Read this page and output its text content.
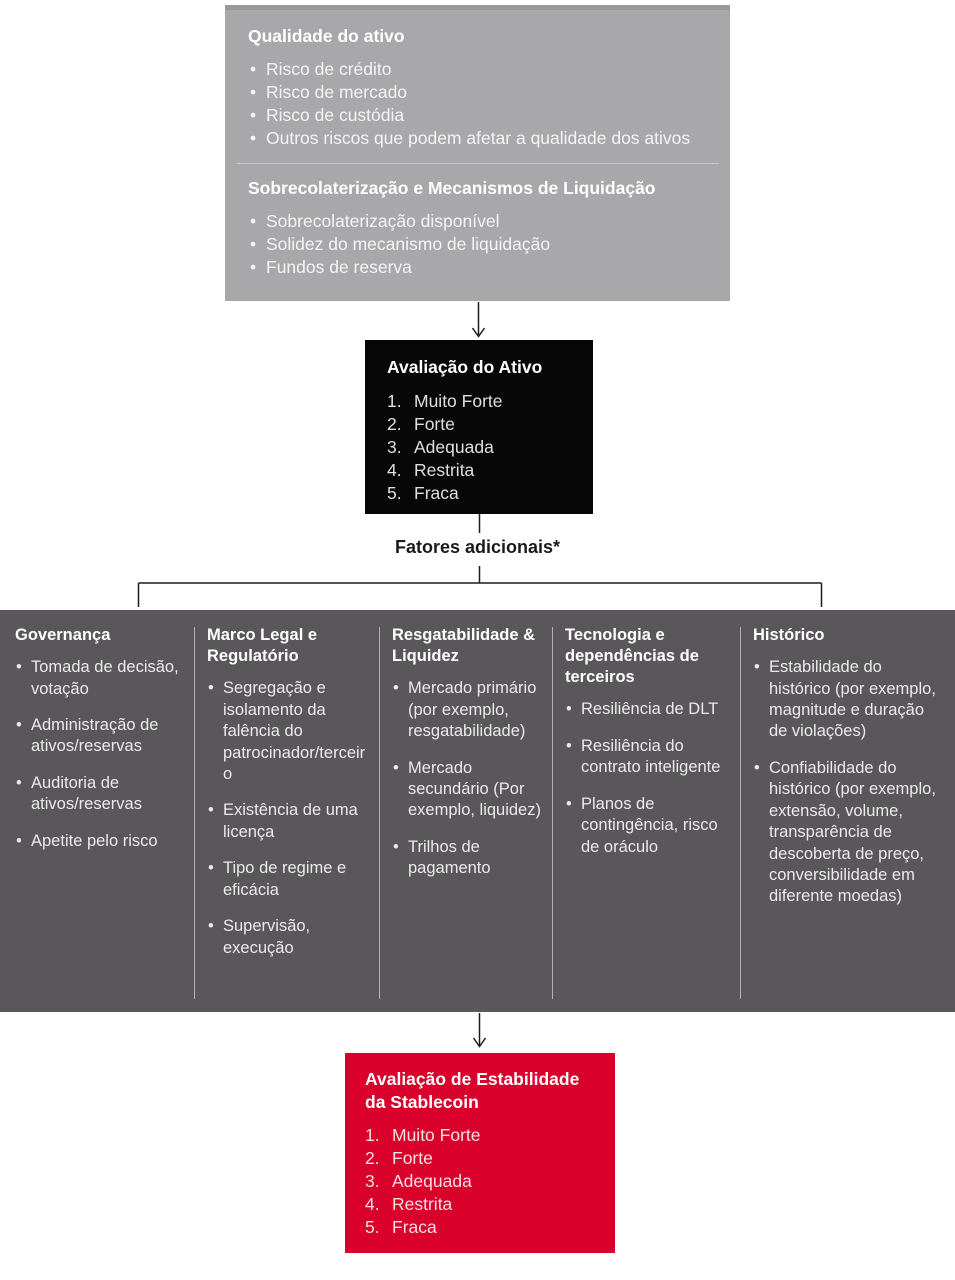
Qualidade do ativo
• Risco de crédito
• Risco de mercado
• Risco de custódia
• Outros riscos que podem afetar a qualidade dos ativos
Sobrecolaterização e Mecanismos de Liquidação
• Sobrecolaterização disponível
• Solidez do mecanismo de liquidação
• Fundos de reserva
Avaliação do Ativo
Muito Forte
Forte
Adequada
Restrita
Fraca
Fatores adicionais*
Governança
• Tomada de decisão, votação
• Administração de ativos/reservas
• Auditoria de ativos/reservas
• Apetite pelo risco
Marco Legal e Regulatório
• Segregação e isolamento da falência do patrocinador/terceiro
• Existência de uma licença
• Tipo de regime e eficácia
• Supervisão, execução
Resgatabilidade & Liquidez
• Mercado primário (por exemplo, resgatabilidade)
• Mercado secundário (Por exemplo, liquidez)
• Trilhos de pagamento
Tecnologia e dependências de terceiros
• Resiliência de DLT
• Resiliência do contrato inteligente
• Planos de contingência, risco de oráculo
Histórico
• Estabilidade do histórico (por exemplo, magnitude e duração de violações)
• Confiabilidade do histórico (por exemplo, extensão, volume, transparência de descoberta de preço, conversibilidade em diferente moedas)
Avaliação de Estabilidade da Stablecoin
Muito Forte
Forte
Adequada
Restrita
Fraca
